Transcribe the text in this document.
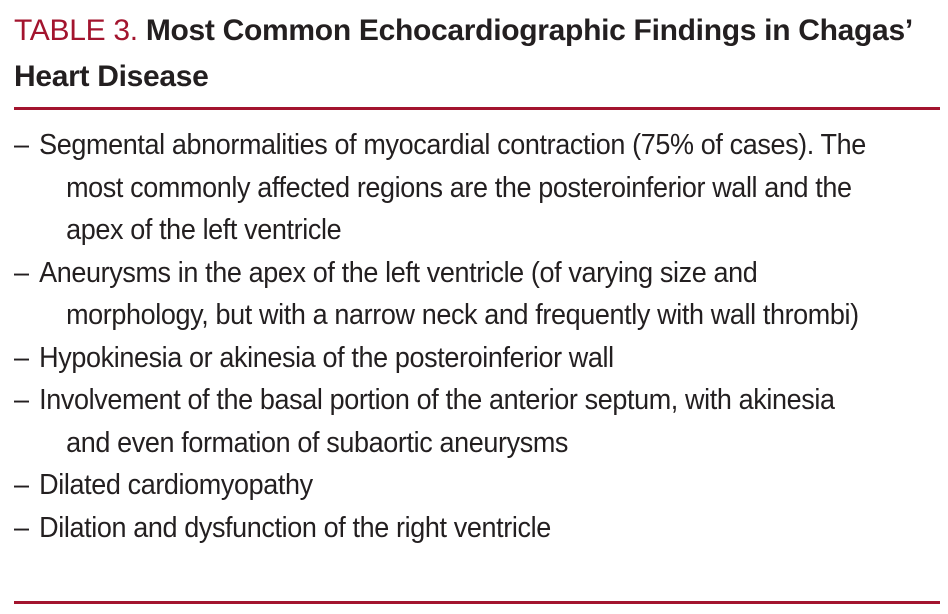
TABLE 3. Most Common Echocardiographic Findings in Chagas’ Heart Disease
– Segmental abnormalities of myocardial contraction (75% of cases). The most commonly affected regions are the posteroinferior wall and the apex of the left ventricle
– Aneurysms in the apex of the left ventricle (of varying size and morphology, but with a narrow neck and frequently with wall thrombi)
– Hypokinesia or akinesia of the posteroinferior wall
– Involvement of the basal portion of the anterior septum, with akinesia and even formation of subaortic aneurysms
– Dilated cardiomyopathy
– Dilation and dysfunction of the right ventricle
